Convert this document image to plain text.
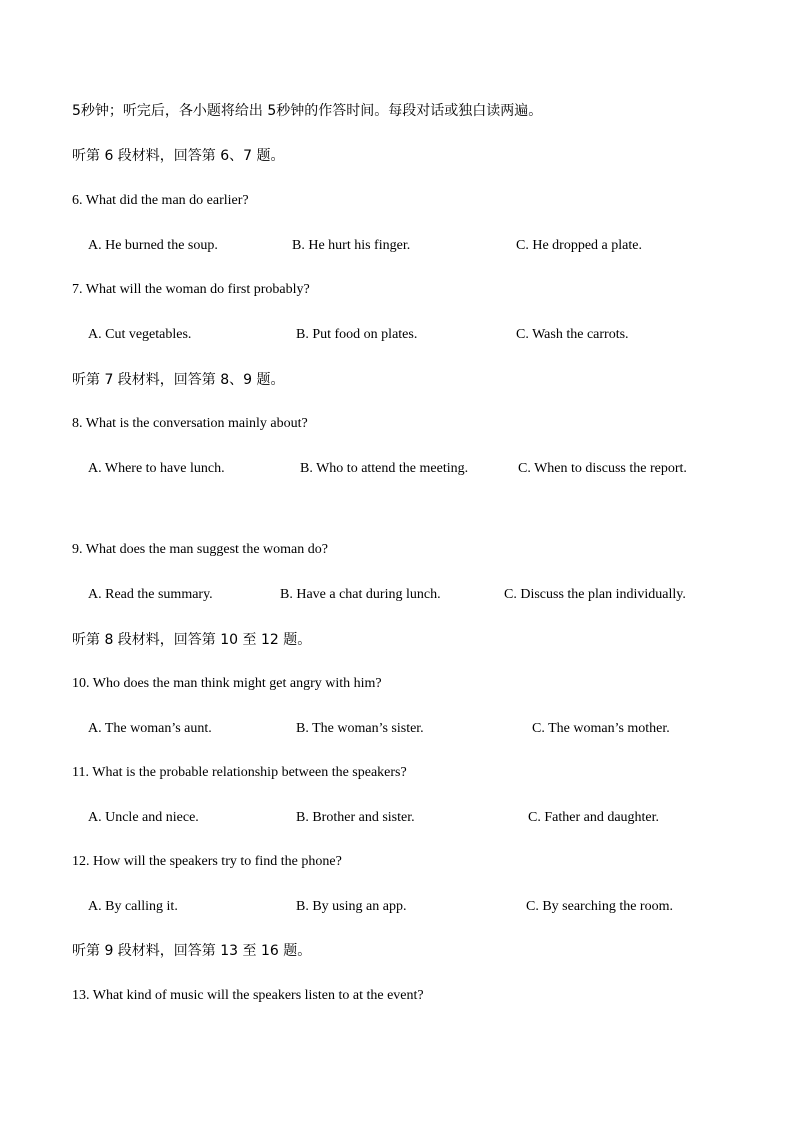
5秒钟；听完后，各小题将给出 5秒钟的作答时间。每段对话或独白读两遍。
听第 6 段材料，回答第 6、7 题。
6. What did the man do earlier?
A. He burned the soup.	B. He hurt his finger.	C. He dropped a plate.
7. What will the woman do first probably?
A. Cut vegetables.	B. Put food on plates.	C. Wash the carrots.
听第 7 段材料，回答第 8、9 题。
8. What is the conversation mainly about?
A. Where to have lunch.	B. Who to attend the meeting.	C. When to discuss the report.
9. What does the man suggest the woman do?
A. Read the summary.	B. Have a chat during lunch.	C. Discuss the plan individually.
听第 8 段材料，回答第 10 至 12 题。
10. Who does the man think might get angry with him?
A. The woman’s aunt.	B. The woman’s sister.	C. The woman’s mother.
11. What is the probable relationship between the speakers?
A. Uncle and niece.	B. Brother and sister.	C. Father and daughter.
12. How will the speakers try to find the phone?
A. By calling it.	B. By using an app.	C. By searching the room.
听第 9 段材料，回答第 13 至 16 题。
13. What kind of music will the speakers listen to at the event?
